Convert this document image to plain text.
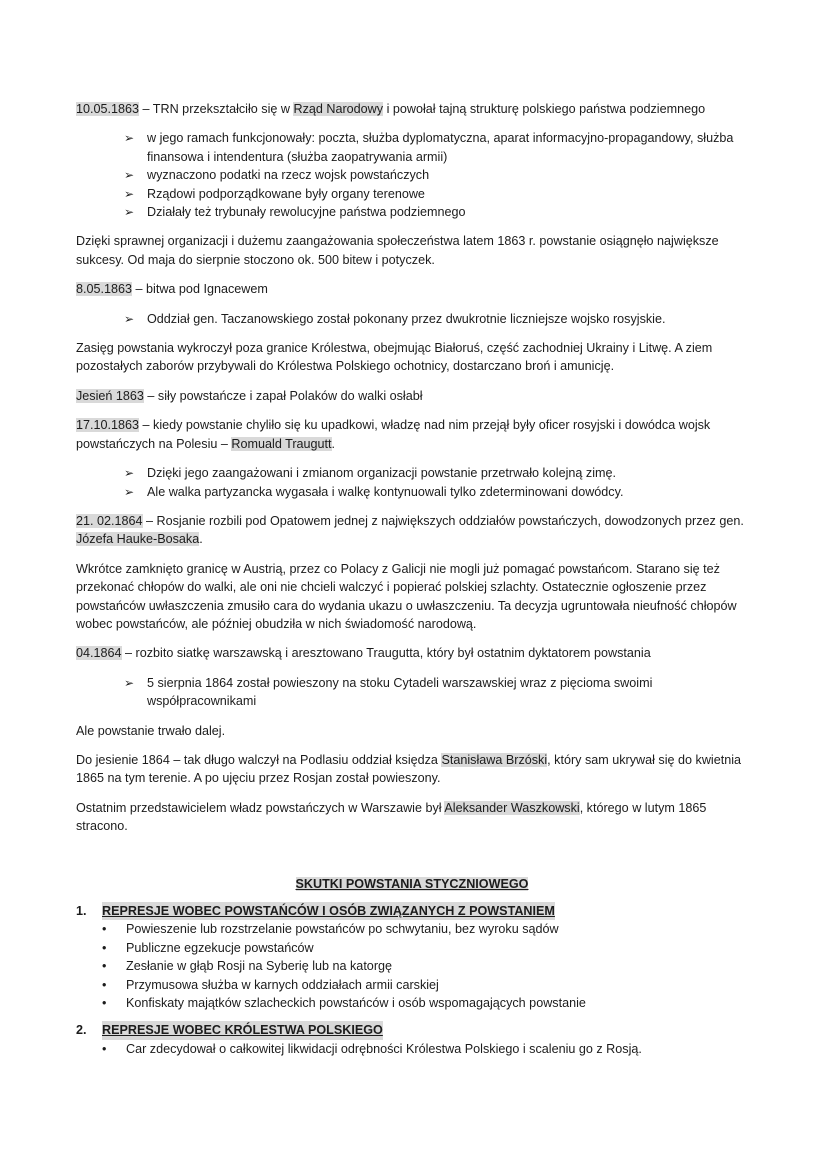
10.05.1863 – TRN przekształciło się w Rząd Narodowy i powołał tajną strukturę polskiego państwa podziemnego

➢ w jego ramach funkcjonowały: poczta, służba dyplomatyczna, aparat informacyjno-propagandowy, służba finansowa i intendentura (służba zaopatrywania armii)
➢ wyznaczono podatki na rzecz wojsk powstańczych
➢ Rządowi podporządkowane były organy terenowe
➢ Działały też trybunały rewolucyjne państwa podziemnego

Dzięki sprawnej organizacji i dużemu zaangażowania społeczeństwa latem 1863 r. powstanie osiągnęło największe sukcesy. Od maja do sierpnie stoczono ok. 500 bitew i potyczek.

8.05.1863 – bitwa pod Ignacewem

➢ Oddział gen. Taczanowskiego został pokonany przez dwukrotnie liczniejsze wojsko rosyjskie.

Zasięg powstania wykroczył poza granice Królestwa, obejmując Białoruś, część zachodniej Ukrainy i Litwę. A ziem pozostałych zaborów przybywali do Królestwa Polskiego ochotnicy, dostarczano broń i amunicję.

Jesień 1863 – siły powstańcze i zapał Polaków do walki osłabł

17.10.1863 – kiedy powstanie chyliło się ku upadkowi, władzę nad nim przejął były oficer rosyjski i dowódca wojsk powstańczych na Polesiu – Romuald Traugutt.

➢ Dzięki jego zaangażowani i zmianom organizacji powstanie przetrwało kolejną zimę.
➢ Ale walka partyzancka wygasała i walkę kontynuowali tylko zdeterminowani dowódcy.

21. 02.1864 – Rosjanie rozbili pod Opatowem jednej z największych oddziałów powstańczych, dowodzonych przez gen. Józefa Hauke-Bosaka.

Wkrótce zamknięto granicę w Austrią, przez co Polacy z Galicji nie mogli już pomagać powstańcom. Starano się też przekonać chłopów do walki, ale oni nie chcieli walczyć i popierać polskiej szlachty. Ostatecznie ogłoszenie przez powstańców uwłaszczenia zmusiło cara do wydania ukazu o uwłaszczeniu. Ta decyzja ugruntowała nieufność chłopów wobec powstańców, ale później obudziła w nich świadomość narodową.

04.1864 – rozbito siatkę warszawską i aresztowano Traugutta, który był ostatnim dyktatorem powstania

➢ 5 sierpnia 1864 został powieszony na stoku Cytadeli warszawskiej wraz z pięcioma swoimi współpracownikami

Ale powstanie trwało dalej.

Do jesienie 1864 – tak długo walczył na Podlasiu oddział księdza Stanisława Brzóski, który sam ukrywał się do kwietnia 1865 na tym terenie. A po ujęciu przez Rosjan został powieszony.

Ostatnim przedstawicielem władz powstańczych w Warszawie był Aleksander Waszkowski, którego w lutym 1865 stracono.

SKUTKI POWSTANIA STYCZNIOWEGO
1.	REPRESJE WOBEC POWSTAŃCÓW I OSÓB ZWIĄZANYCH Z POWSTANIEM
• Powieszenie lub rozstrzelanie powstańców po schwytaniu, bez wyroku sądów
• Publiczne egzekucje powstańców
• Zesłanie w głąb Rosji na Syberię lub na katorgę
• Przymusowa służba w karnych oddziałach armii carskiej
• Konfiskaty majątków szlacheckich powstańców i osób wspomagających powstanie
2.	REPRESJE WOBEC KRÓLESTWA POLSKIEGO
• Car zdecydował o całkowitej likwidacji odrębności Królestwa Polskiego i scaleniu go z Rosją.
